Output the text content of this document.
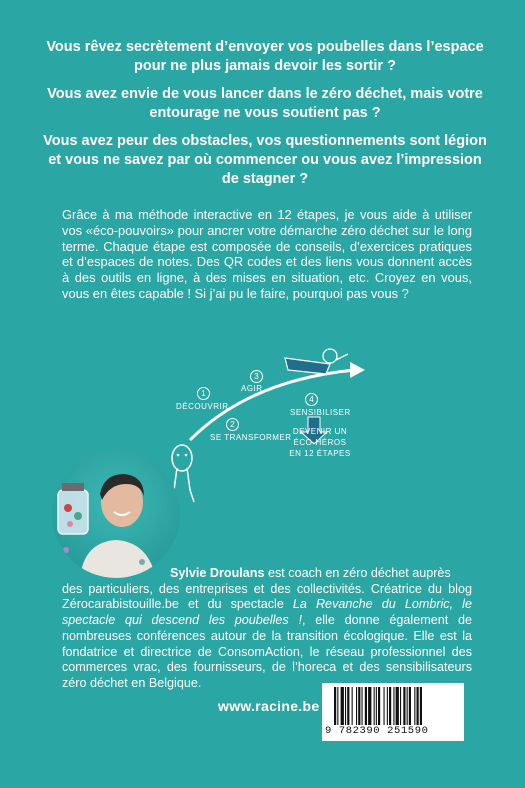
Vous rêvez secrètement d’envoyer vos poubelles dans l’espace pour ne plus jamais devoir les sortir ?

Vous avez envie de vous lancer dans le zéro déchet, mais votre entourage ne vous soutient pas ?

Vous avez peur des obstacles, vos questionnements sont légion et vous ne savez par où commencer ou vous avez l’impression de stagner ?

Grâce à ma méthode interactive en 12 étapes, je vous aide à utiliser vos «éco-pouvoirs» pour ancrer votre démarche zéro déchet sur le long terme. Chaque étape est composée de conseils, d’exercices pratiques et d’espaces de notes. Des QR codes et des liens vous donnent accès à des outils en ligne, à des mises en situation, etc. Croyez en vous, vous en êtes capable ! Si j’ai pu le faire, pourquoi pas vous ?
1
DÉCOUVRIR
2
SE TRANSFORMER
3
AGIR
4
SENSIBILISER
DEVENIR UN
ÉCO-HÉROS
EN 12 ÉTAPES
Sylvie Droulans est coach en zéro déchet auprès
des particuliers, des entreprises et des collectivités. Créatrice du blog Zérocarabistouille.be et du spectacle La Revanche du Lombric, le spectacle qui descend les poubelles !, elle donne également de nombreuses conférences autour de la transition écologique. Elle est la fondatrice et directrice de ConsomAction, le réseau professionnel des commerces vrac, des fournisseurs, de l’horeca et des sensibilisateurs zéro déchet en Belgique.
www.racine.be
9 782390 251590
